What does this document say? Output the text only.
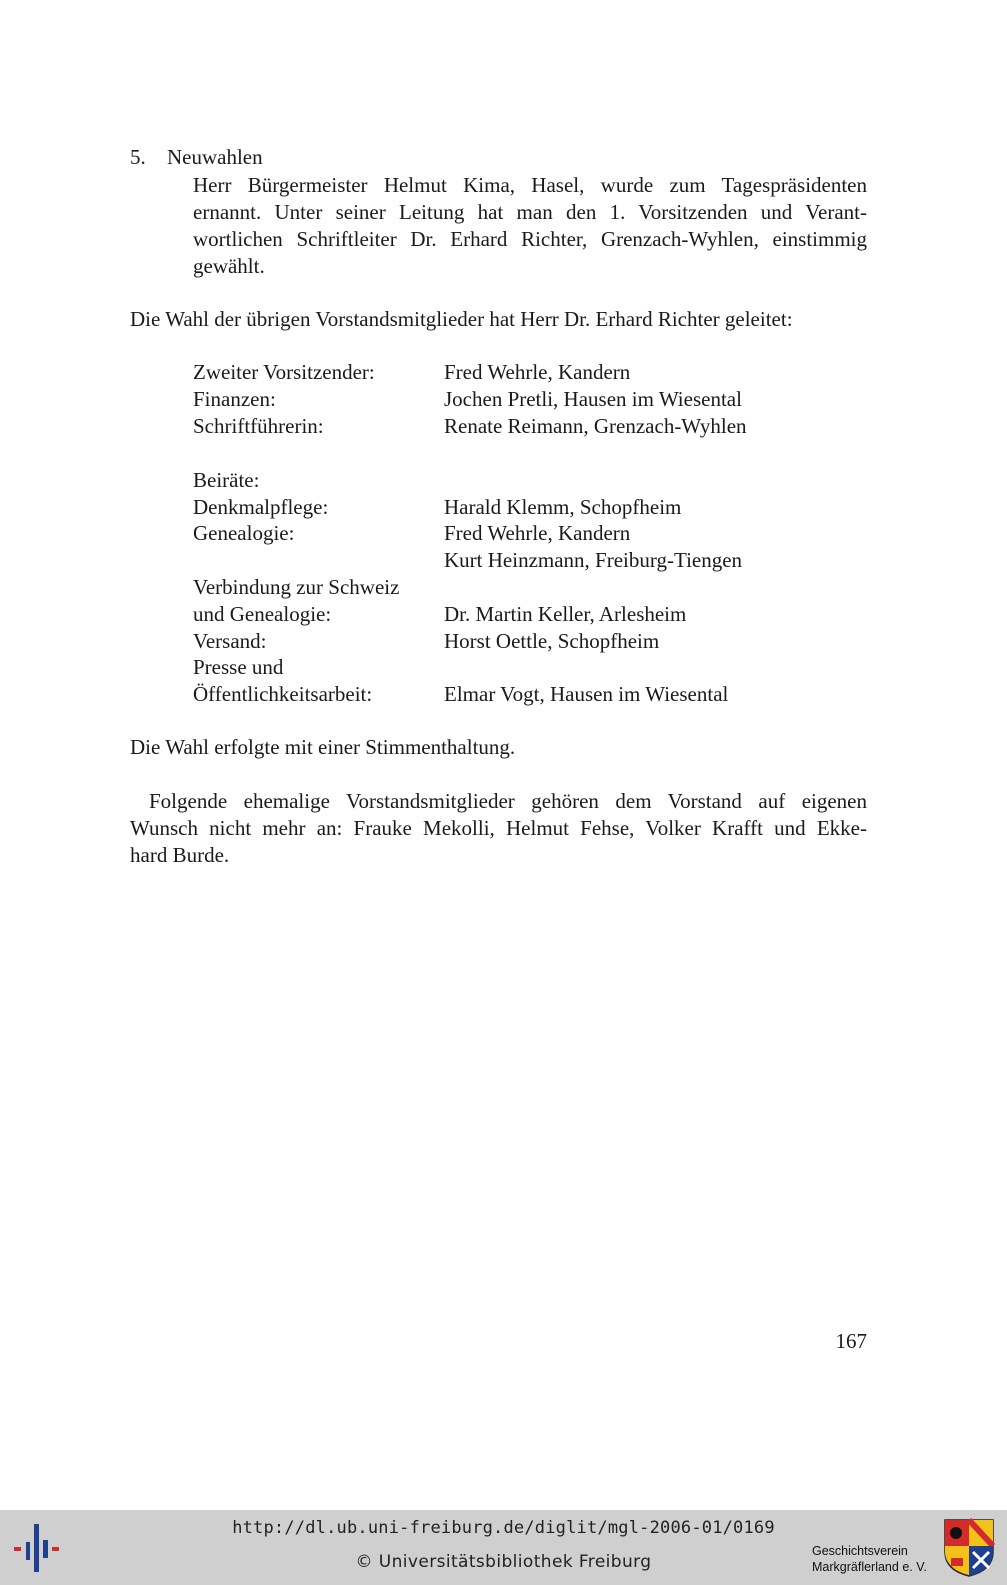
5. Neuwahlen
Herr Bürgermeister Helmut Kima, Hasel, wurde zum Tagespräsidenten
ernannt. Unter seiner Leitung hat man den 1. Vorsitzenden und Verant-
wortlichen Schriftleiter Dr. Erhard Richter, Grenzach-Wyhlen, einstimmig
gewählt.
Die Wahl der übrigen Vorstandsmitglieder hat Herr Dr. Erhard Richter geleitet:
Zweiter Vorsitzender:	Fred Wehrle, Kandern
Finanzen:	Jochen Pretli, Hausen im Wiesental
Schriftführerin:	Renate Reimann, Grenzach-Wyhlen
Beiräte:
Denkmalpflege:	Harald Klemm, Schopfheim
Genealogie:	Fred Wehrle, Kandern
Kurt Heinzmann, Freiburg-Tiengen
Verbindung zur Schweiz
und Genealogie:	Dr. Martin Keller, Arlesheim
Versand:	Horst Oettle, Schopfheim
Presse und
Öffentlichkeitsarbeit:	Elmar Vogt, Hausen im Wiesental
Die Wahl erfolgte mit einer Stimmenthaltung.
Folgende ehemalige Vorstandsmitglieder gehören dem Vorstand auf eigenen
Wunsch nicht mehr an: Frauke Mekolli, Helmut Fehse, Volker Krafft und Ekke-
hard Burde.
167
http://dl.ub.uni-freiburg.de/diglit/mgl-2006-01/0169
© Universitätsbibliothek Freiburg
Geschichtsverein
Markgräflerland e. V.
